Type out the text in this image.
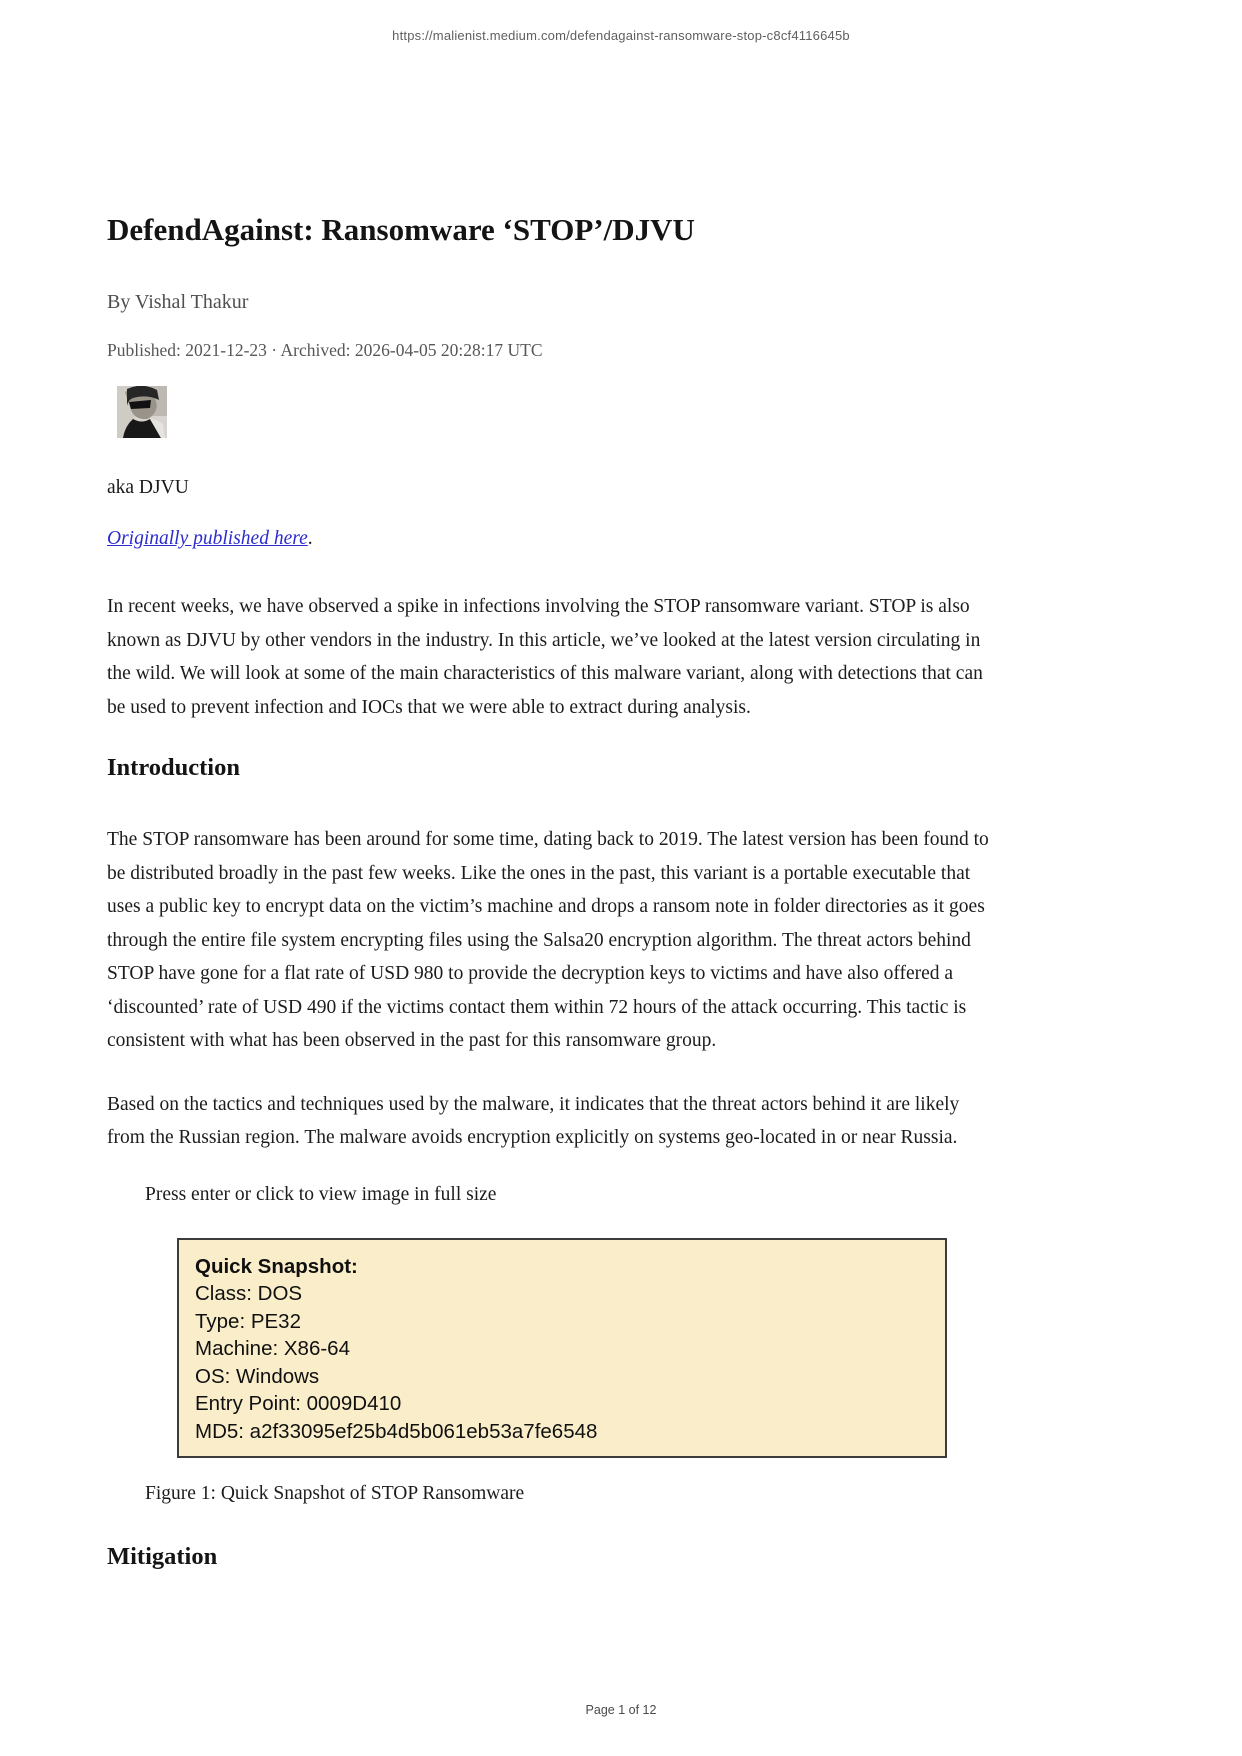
https://malienist.medium.com/defendagainst-ransomware-stop-c8cf4116645b
DefendAgainst: Ransomware ‘STOP’/DJVU
By Vishal Thakur
Published: 2021-12-23 · Archived: 2026-04-05 20:28:17 UTC
aka DJVU
Originally published here.

In recent weeks, we have observed a spike in infections involving the STOP ransomware variant. STOP is also known as DJVU by other vendors in the industry. In this article, we’ve looked at the latest version circulating in the wild. We will look at some of the main characteristics of this malware variant, along with detections that can be used to prevent infection and IOCs that we were able to extract during analysis.

Introduction

The STOP ransomware has been around for some time, dating back to 2019. The latest version has been found to be distributed broadly in the past few weeks. Like the ones in the past, this variant is a portable executable that uses a public key to encrypt data on the victim’s machine and drops a ransom note in folder directories as it goes through the entire file system encrypting files using the Salsa20 encryption algorithm. The threat actors behind STOP have gone for a flat rate of USD 980 to provide the decryption keys to victims and have also offered a ‘discounted’ rate of USD 490 if the victims contact them within 72 hours of the attack occurring. This tactic is consistent with what has been observed in the past for this ransomware group.

Based on the tactics and techniques used by the malware, it indicates that the threat actors behind it are likely from the Russian region. The malware avoids encryption explicitly on systems geo-located in or near Russia.

Press enter or click to view image in full size
Quick Snapshot:
Class: DOS
Type: PE32
Machine: X86-64
OS: Windows
Entry Point: 0009D410
MD5: a2f33095ef25b4d5b061eb53a7fe6548
Figure 1: Quick Snapshot of STOP Ransomware
Mitigation
Page 1 of 12
